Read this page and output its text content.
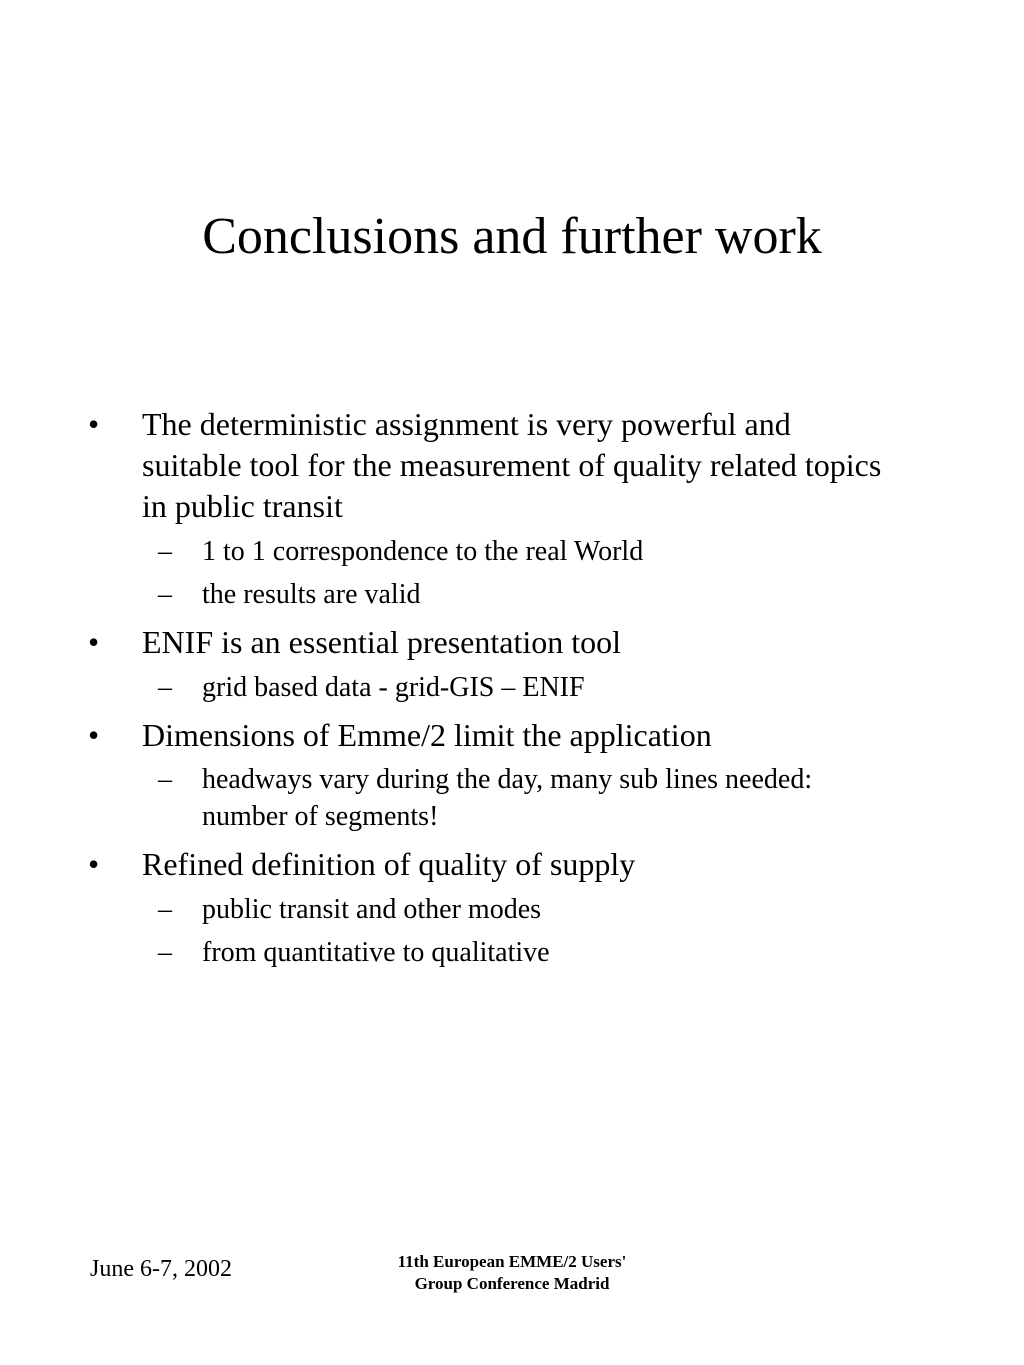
Conclusions and further work
• The deterministic assignment is very powerful and
suitable tool for the measurement of quality related topics
in public transit
– 1 to 1 correspondence to the real World
– the results are valid
• ENIF is an essential presentation tool
– grid based data - grid-GIS – ENIF
• Dimensions of Emme/2 limit the application
– headways vary during the day, many sub lines needed:
number of segments!
• Refined definition of quality of supply
– public transit and other modes
– from quantitative to qualitative
June 6-7, 2002	11th European EMME/2 Users'
Group Conference Madrid
